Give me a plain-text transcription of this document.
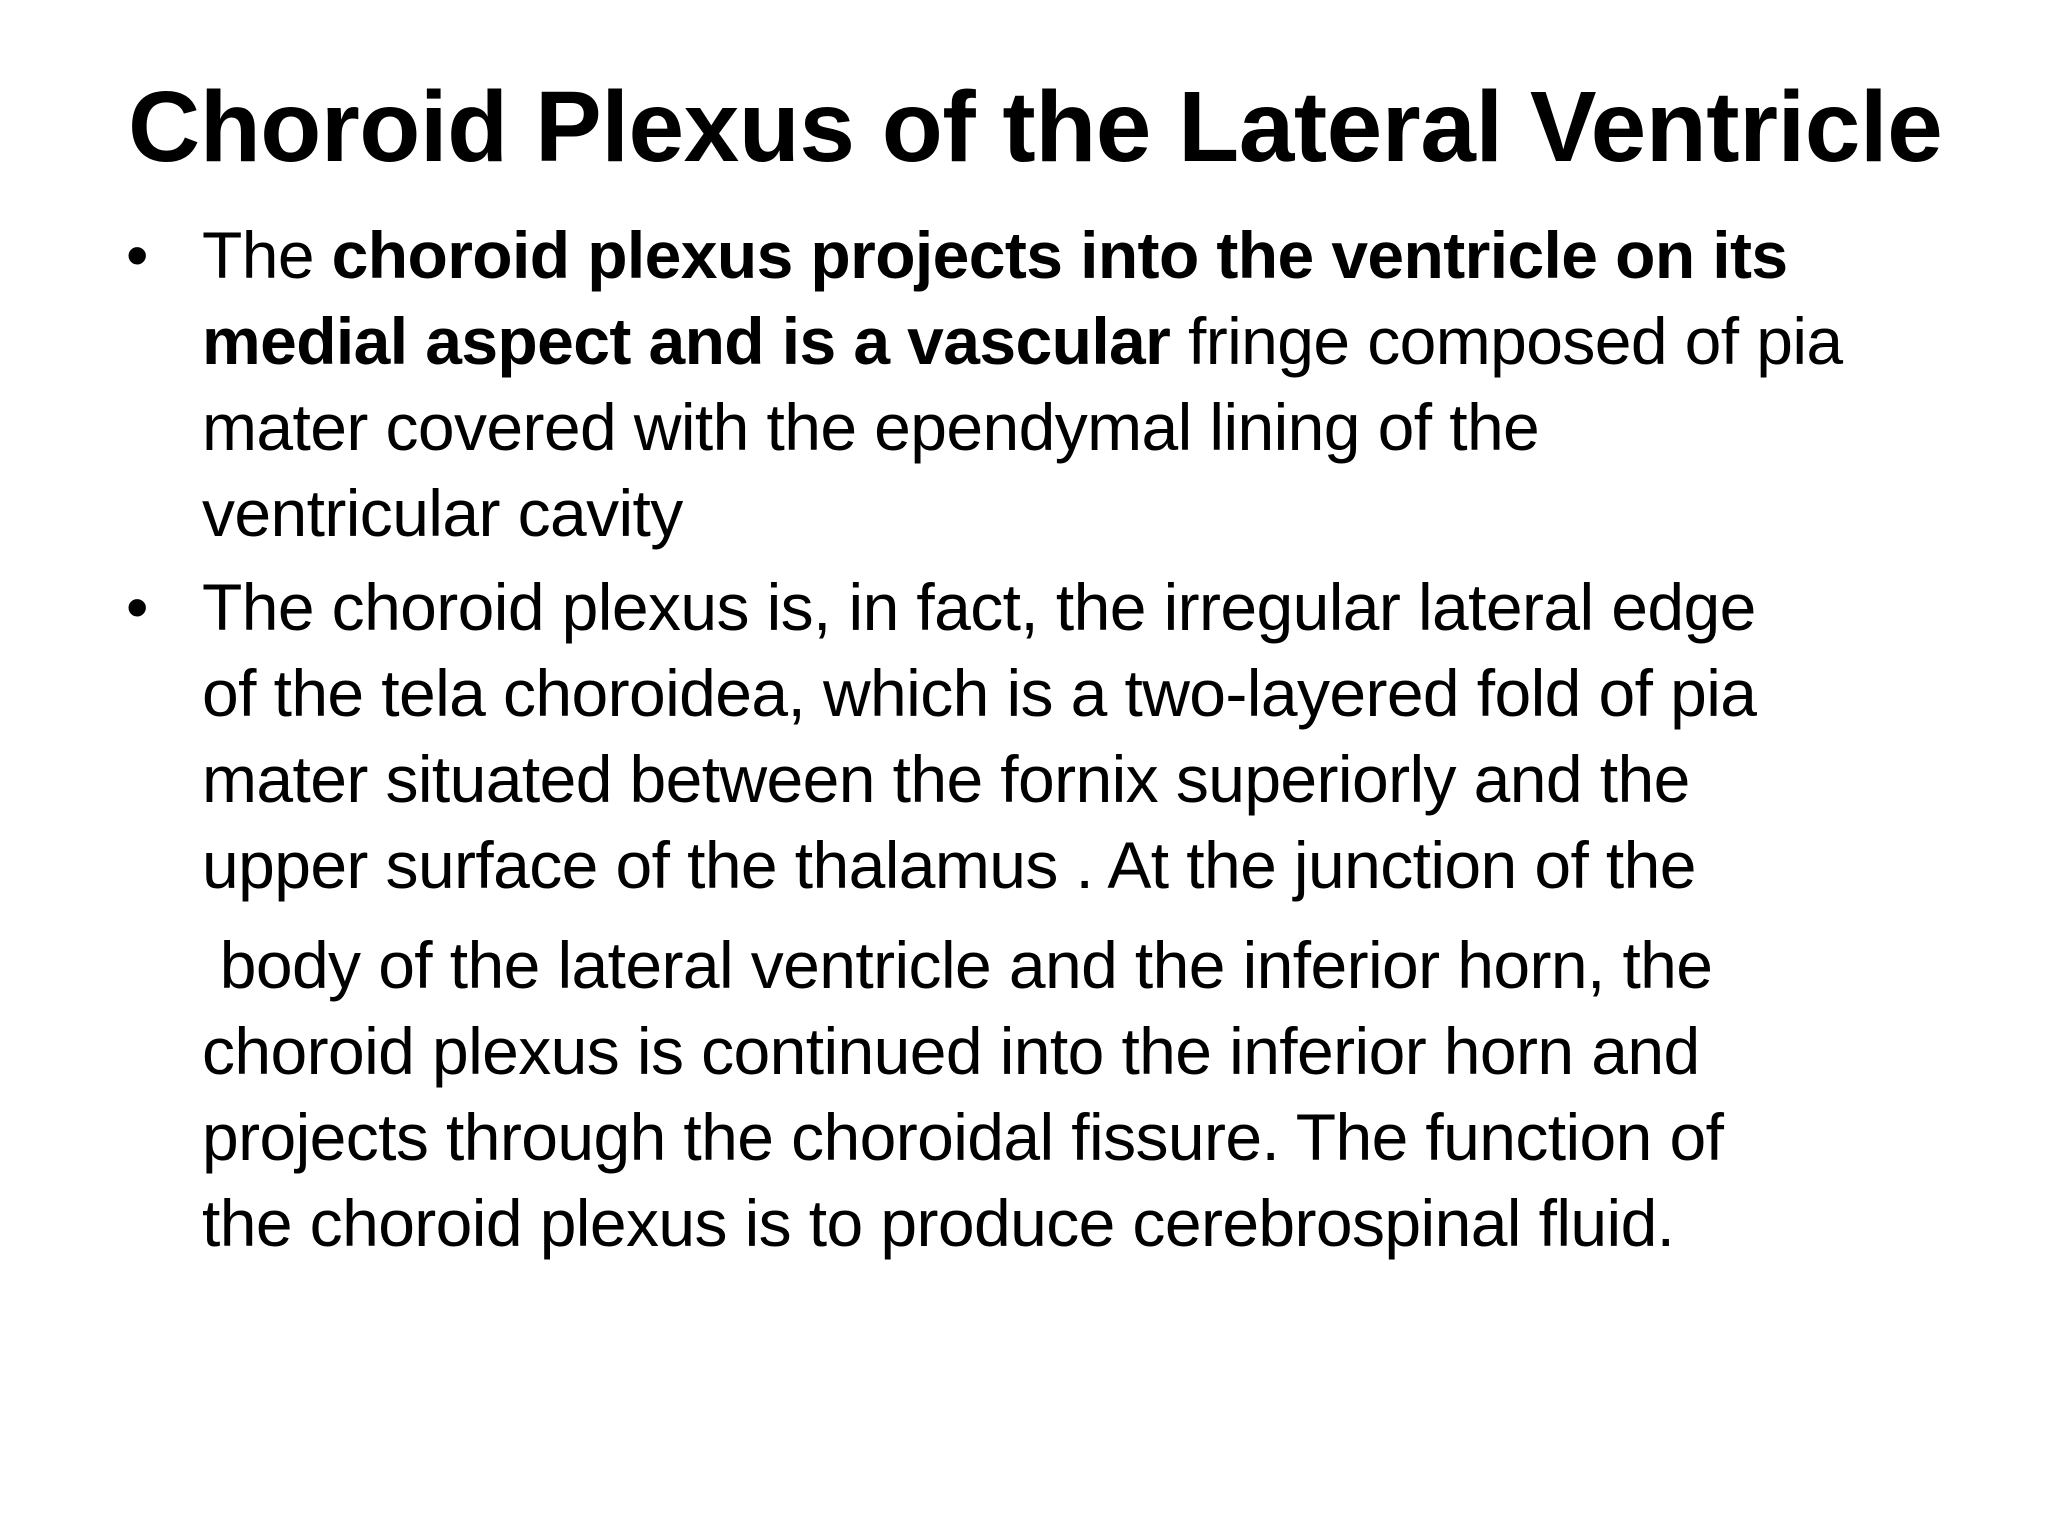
Choroid Plexus of the Lateral Ventricle
• The choroid plexus projects into the ventricle on its
medial aspect and is a vascular fringe composed of pia
mater covered with the ependymal lining of the
ventricular cavity
• The choroid plexus is, in fact, the irregular lateral edge
of the tela choroidea, which is a two-layered fold of pia
mater situated between the fornix superiorly and the
upper surface of the thalamus . At the junction of the
body of the lateral ventricle and the inferior horn, the
choroid plexus is continued into the inferior horn and
projects through the choroidal fissure. The function of
the choroid plexus is to produce cerebrospinal fluid.
